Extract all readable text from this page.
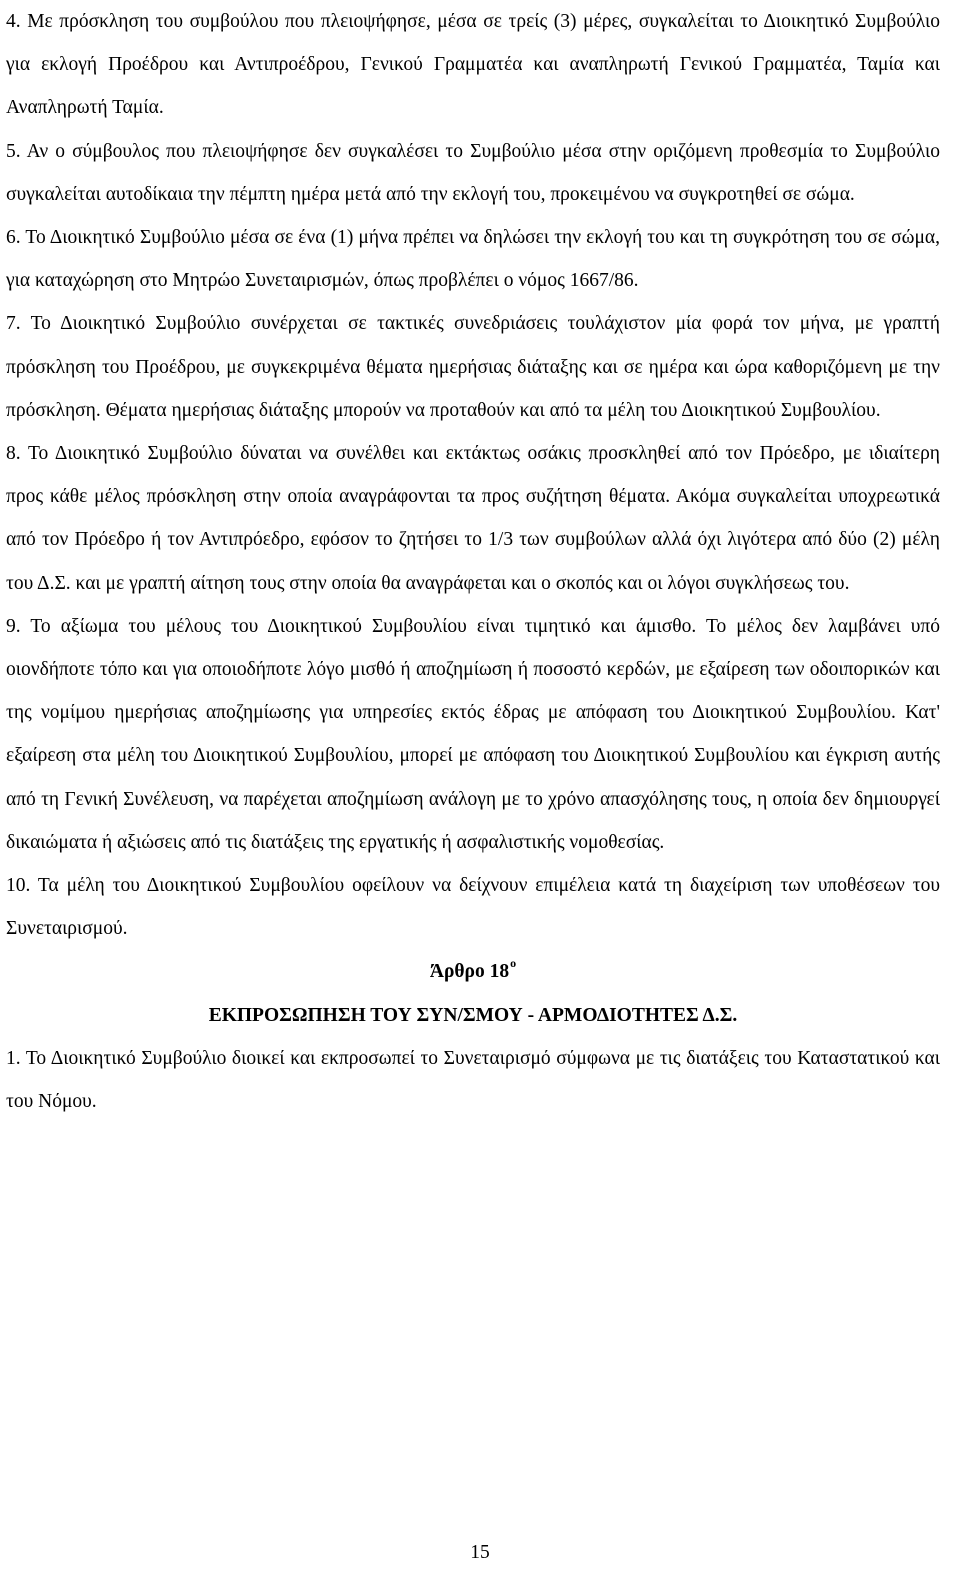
4. Με πρόσκληση του συμβούλου που πλειοψήφησε, μέσα σε τρείς (3) μέρες, συγκαλείται το Διοικητικό Συμβούλιο για εκλογή Προέδρου και Αντιπροέδρου, Γενικού Γραμματέα και αναπληρωτή Γενικού Γραμματέα, Ταμία και Αναπληρωτή Ταμία.

5. Αν ο σύμβουλος που πλειοψήφησε δεν συγκαλέσει το Συμβούλιο μέσα στην οριζόμενη προθεσμία το Συμβούλιο συγκαλείται αυτοδίκαια την πέμπτη ημέρα μετά από την εκλογή του, προκειμένου να συγκροτηθεί σε σώμα.

6. Το Διοικητικό Συμβούλιο μέσα σε ένα (1) μήνα πρέπει να δηλώσει την εκλογή του και τη συγκρότηση του σε σώμα, για καταχώρηση στο Μητρώο Συνεταιρισμών, όπως προβλέπει ο νόμος 1667/86.

7. Το Διοικητικό Συμβούλιο συνέρχεται σε τακτικές συνεδριάσεις τουλάχιστον μία φορά τον μήνα, με γραπτή πρόσκληση του Προέδρου, με συγκεκριμένα θέματα ημερήσιας διάταξης και σε ημέρα και ώρα καθοριζόμενη με την πρόσκληση. Θέματα ημερήσιας διάταξης μπορούν να προταθούν και από τα μέλη του Διοικητικού Συμβουλίου.

8. Το Διοικητικό Συμβούλιο δύναται να συνέλθει και εκτάκτως οσάκις προσκληθεί από τον Πρόεδρο, με ιδιαίτερη προς κάθε μέλος πρόσκληση στην οποία αναγράφονται τα προς συζήτηση θέματα. Ακόμα συγκαλείται υποχρεωτικά από τον Πρόεδρο ή τον Αντιπρόεδρο, εφόσον το ζητήσει το 1/3 των συμβούλων αλλά όχι λιγότερα από δύο (2) μέλη του Δ.Σ. και με γραπτή αίτηση τους στην οποία θα αναγράφεται και ο σκοπός και οι λόγοι συγκλήσεως του.

9. Το αξίωμα του μέλους του Διοικητικού Συμβουλίου είναι τιμητικό και άμισθο. Το μέλος δεν λαμβάνει υπό οιονδήποτε τόπο και για οποιοδήποτε λόγο μισθό ή αποζημίωση ή ποσοστό κερδών, με εξαίρεση των οδοιπορικών και της νομίμου ημερήσιας αποζημίωσης για υπηρεσίες εκτός έδρας με απόφαση του Διοικητικού Συμβουλίου. Κατ' εξαίρεση στα μέλη του Διοικητικού Συμβουλίου, μπορεί με απόφαση του Διοικητικού Συμβουλίου και έγκριση αυτής από τη Γενική Συνέλευση, να παρέχεται αποζημίωση ανάλογη με το χρόνο απασχόλησης τους, η οποία δεν δημιουργεί δικαιώματα ή αξιώσεις από τις διατάξεις της εργατικής ή ασφαλιστικής νομοθεσίας.

10. Τα μέλη του Διοικητικού Συμβουλίου οφείλουν να δείχνουν επιμέλεια κατά τη διαχείριση των υποθέσεων του Συνεταιρισμού.

Άρθρο $18^o$

ΕΚΠΡΟΣΩΠΗΣΗ ΤΟΥ ΣΥΝ/ΣΜΟΥ - ΑΡΜΟΔΙΟΤΗΤΕΣ Δ.Σ.

1. Το Διοικητικό Συμβούλιο διοικεί και εκπροσωπεί το Συνεταιρισμό σύμφωνα με τις διατάξεις του Καταστατικού και του Νόμου.

15
